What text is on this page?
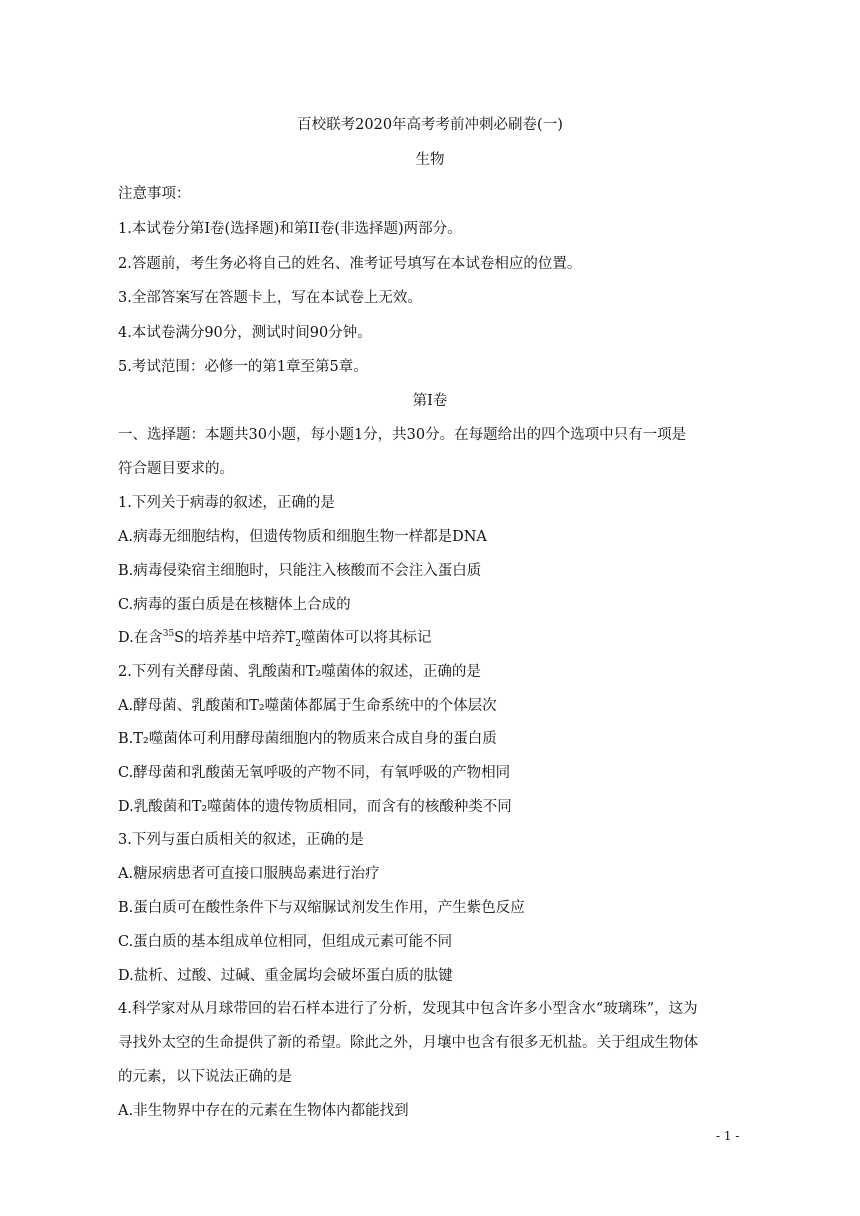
百校联考2020年高考考前冲刺必刷卷(一)
生物
注意事项：
1.本试卷分第I卷(选择题)和第II卷(非选择题)两部分。
2.答题前，考生务必将自己的姓名、准考证号填写在本试卷相应的位置。
3.全部答案写在答题卡上，写在本试卷上无效。
4.本试卷满分90分，测试时间90分钟。
5.考试范围：必修一的第1章至第5章。
第I卷
一、选择题：本题共30小题，每小题1分，共30分。在每题给出的四个选项中只有一项是
符合题目要求的。
1.下列关于病毒的叙述，正确的是
A.病毒无细胞结构，但遗传物质和细胞生物一样都是DNA
B.病毒侵染宿主细胞时，只能注入核酸而不会注入蛋白质
C.病毒的蛋白质是在核糖体上合成的
D.在含$^{35}$S的培养基中培养$T_2$噬菌体可以将其标记
2.下列有关酵母菌、乳酸菌和T₂噬菌体的叙述，正确的是
A.酵母菌、乳酸菌和T₂噬菌体都属于生命系统中的个体层次
B.T₂噬菌体可利用酵母菌细胞内的物质来合成自身的蛋白质
C.酵母菌和乳酸菌无氧呼吸的产物不同，有氧呼吸的产物相同
D.乳酸菌和T₂噬菌体的遗传物质相同，而含有的核酸种类不同
3.下列与蛋白质相关的叙述，正确的是
A.糖尿病患者可直接口服胰岛素进行治疗
B.蛋白质可在酸性条件下与双缩脲试剂发生作用，产生紫色反应
C.蛋白质的基本组成单位相同，但组成元素可能不同
D.盐析、过酸、过碱、重金属均会破坏蛋白质的肽键
4.科学家对从月球带回的岩石样本进行了分析，发现其中包含许多小型含水“玻璃珠”，这为
寻找外太空的生命提供了新的希望。除此之外，月壤中也含有很多无机盐。关于组成生物体
的元素，以下说法正确的是
A.非生物界中存在的元素在生物体内都能找到
- 1 -
